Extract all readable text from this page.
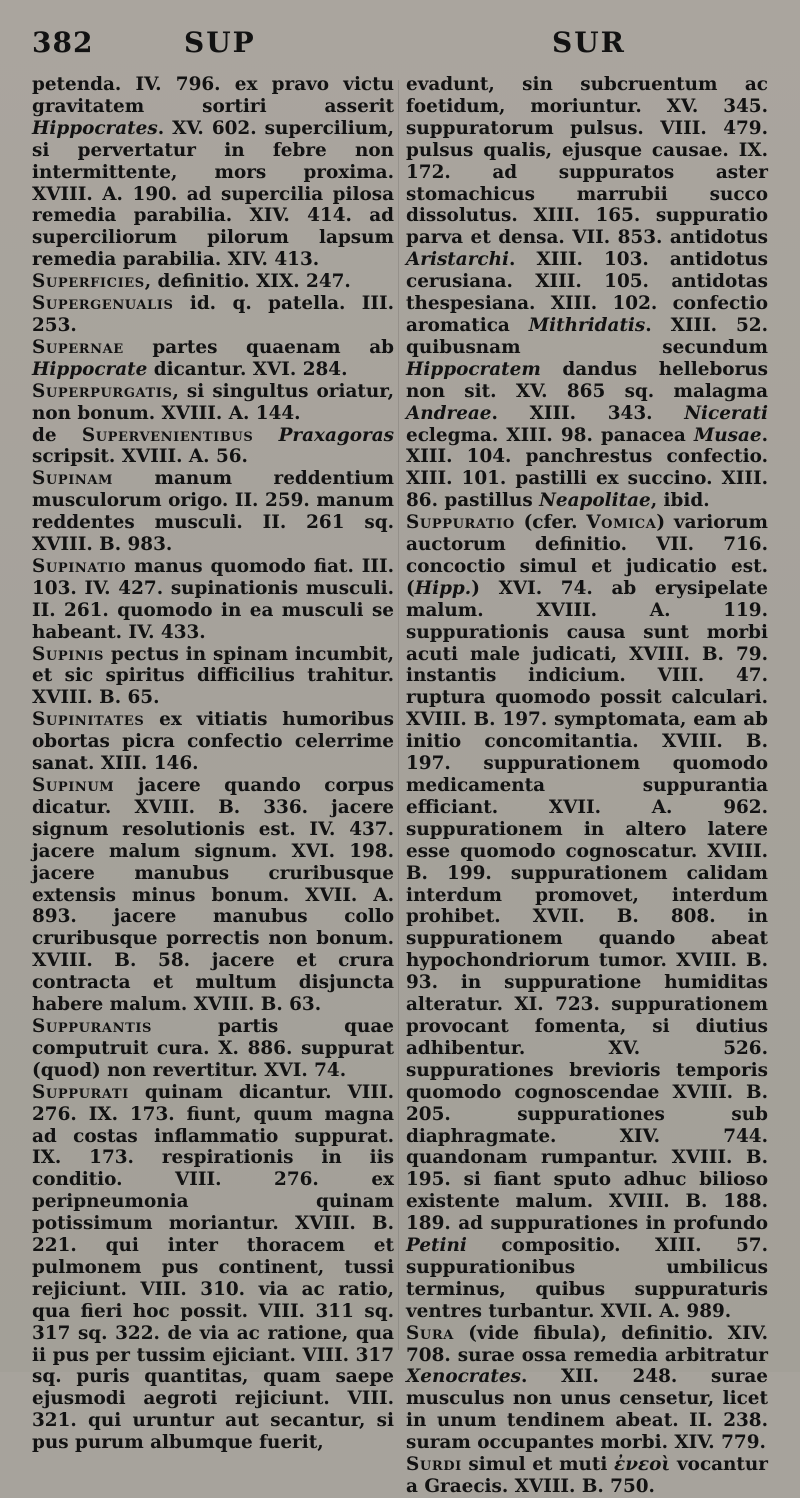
382	SUP	SUR

petenda. IV. 796. ex pravo victu gravitatem sortiri asserit Hippocrates. XV. 602. supercilium, si pervertatur in febre non intermittente, mors proxima. XVIII. A. 190. ad supercilia pilosa remedia parabilia. XIV. 414. ad superciliorum pilorum lapsum remedia parabilia. XIV. 413.

Superficies, definitio. XIX. 247.

Supergenualis id. q. patella. III. 253.

Supernae partes quaenam ab Hippocrate dicantur. XVI. 284.

Superpurgatis, si singultus oriatur, non bonum. XVIII. A. 144.

de Supervenientibus Praxagoras scripsit. XVIII. A. 56.

Supinam manum reddentium musculorum origo. II. 259. manum reddentes musculi. II. 261 sq. XVIII. B. 983.

Supinatio manus quomodo fiat. III. 103. IV. 427. supinationis musculi. II. 261. quomodo in ea musculi se habeant. IV. 433.

Supinis pectus in spinam incumbit, et sic spiritus difficilius trahitur. XVIII. B. 65.

Supinitates ex vitiatis humoribus obortas picra confectio celerrime sanat. XIII. 146.

Supinum jacere quando corpus dicatur. XVIII. B. 336. jacere signum resolutionis est. IV. 437. jacere malum signum. XVI. 198. jacere manubus cruribusque extensis minus bonum. XVII. A. 893. jacere manubus collo cruribusque porrectis non bonum. XVIII. B. 58. jacere et crura contracta et multum disjuncta habere malum. XVIII. B. 63.

Suppurantis partis quae computruit cura. X. 886. suppurat (quod) non revertitur. XVI. 74.

Suppurati quinam dicantur. VIII. 276. IX. 173. fiunt, quum magna ad costas inflammatio suppurat. IX. 173. respirationis in iis conditio. VIII. 276. ex peripneumonia quinam potissimum moriantur. XVIII. B. 221. qui inter thoracem et pulmonem pus continent, tussi rejiciunt. VIII. 310. via ac ratio, qua fieri hoc possit. VIII. 311 sq. 317 sq. 322. de via ac ratione, qua ii pus per tussim ejiciant. VIII. 317 sq. puris quantitas, quam saepe ejusmodi aegroti rejiciunt. VIII. 321. qui uruntur aut secantur, si pus purum albumque fuerit,

evadunt, sin subcruentum ac foetidum, moriuntur. XV. 345. suppuratorum pulsus. VIII. 479. pulsus qualis, ejusque causae. IX. 172. ad suppuratos aster stomachicus marrubii succo dissolutus. XIII. 165. suppuratio parva et densa. VII. 853. antidotus Aristarchi. XIII. 103. antidotus cerusiana. XIII. 105. antidotas thespesiana. XIII. 102. confectio aromatica Mithridatis. XIII. 52. quibusnam secundum Hippocratem dandus helleborus non sit. XV. 865 sq. malagma Andreae. XIII. 343. Nicerati eclegma. XIII. 98. panacea Musae. XIII. 104. panchrestus confectio. XIII. 101. pastilli ex succino. XIII. 86. pastillus Neapolitae, ibid.

Suppuratio (cfer. Vomica) variorum auctorum definitio. VII. 716. concoctio simul et judicatio est. (Hipp.) XVI. 74. ab erysipelate malum. XVIII. A. 119. suppurationis causa sunt morbi acuti male judicati, XVIII. B. 79. instantis indicium. VIII. 47. ruptura quomodo possit calculari. XVIII. B. 197. symptomata, eam ab initio concomitantia. XVIII. B. 197. suppurationem quomodo medicamenta suppurantia efficiant. XVII. A. 962. suppurationem in altero latere esse quomodo cognoscatur. XVIII. B. 199. suppurationem calidam interdum promovet, interdum prohibet. XVII. B. 808. in suppurationem quando abeat hypochondriorum tumor. XVIII. B. 93. in suppuratione humiditas alteratur. XI. 723. suppurationem provocant fomenta, si diutius adhibentur. XV. 526. suppurationes brevioris temporis quomodo cognoscendae XVIII. B. 205. suppurationes sub diaphragmate. XIV. 744. quandonam rumpantur. XVIII. B. 195. si fiant sputo adhuc bilioso existente malum. XVIII. B. 188. 189. ad suppurationes in profundo Petini compositio. XIII. 57. suppurationibus umbilicus terminus, quibus suppuraturis ventres turbantur. XVII. A. 989.

Sura (vide fibula), definitio. XIV. 708. surae ossa remedia arbitratur Xenocrates. XII. 248. surae musculus non unus censetur, licet in unum tendinem abeat. II. 238. suram occupantes morbi. XIV. 779.

Surdi simul et muti ἐνεοὶ vocantur a Graecis. XVIII. B. 750.
